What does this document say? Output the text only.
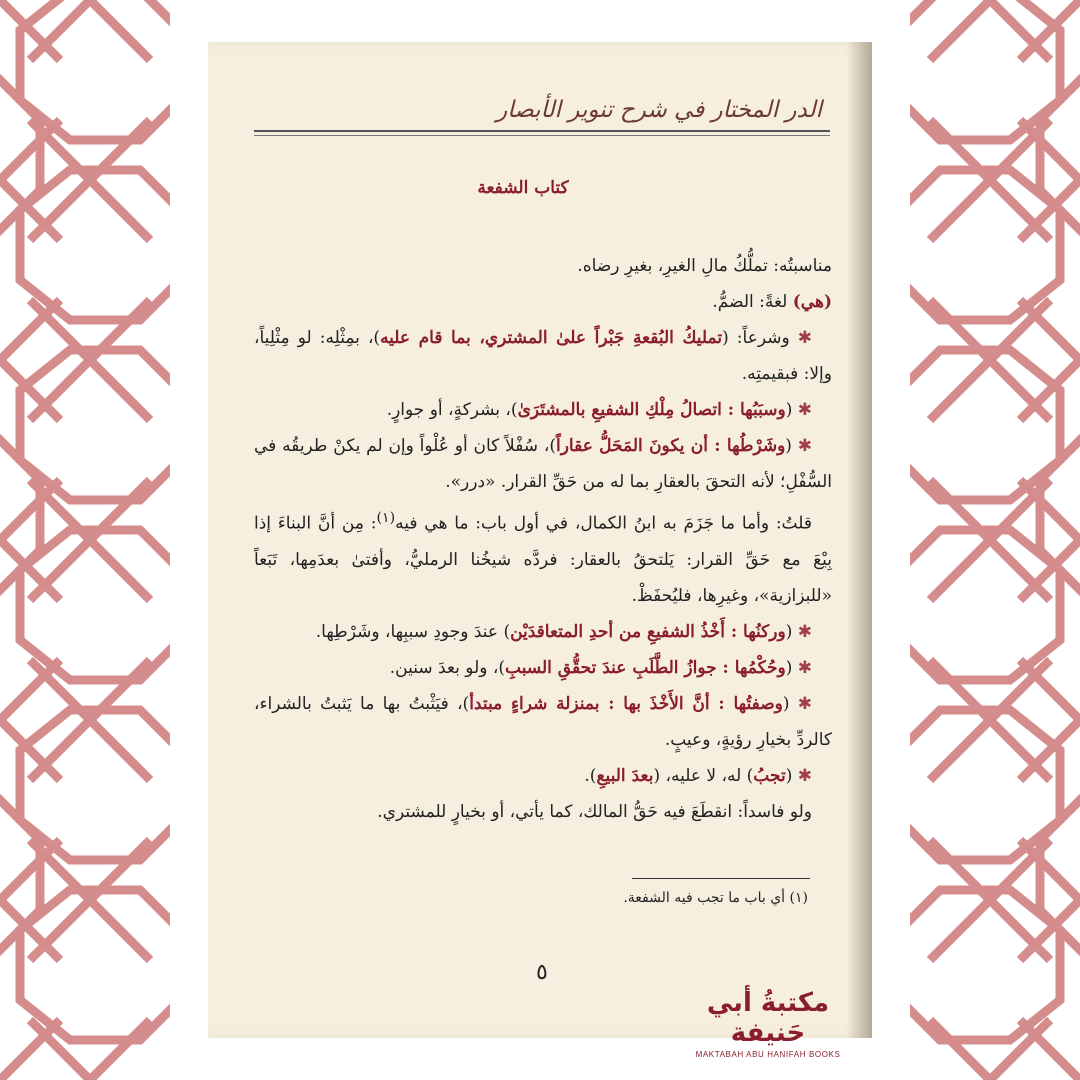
الدر المختار في شرح تنوير الأبصار

كتاب الشفعة

مناسبتُه: تملُّكُ مالِ الغيرِ، بغيرِ رضاه.

(هي) لغةً: الضمُّ.

✱ وشرعاً: (تمليكُ البُقعةِ جَبْراً علىٰ المشتري، بما قام عليه)، بمِثْلِه: لو مِثْلِياً، وإلا: فبقيمتِه.

✱ (وسبَبُها : اتصالُ مِلْكِ الشفيعِ بالمشتَرَىٰ)، بشركةٍ، أو جوارٍ.

✱ (وشَرْطُها : أن يكونَ المَحَلُّ عقاراً)، سُفْلاً كان أو عُلْواً وإن لم يكنْ طريقُه في السُّفْلِ؛ لأنه التحقَ بالعقارِ بما له من حَقِّ القرار. «درر».

قلتُ: وأما ما جَزَمَ به ابنُ الكمال، في أول باب: ما هي فيه$^{(١)}$: مِن أنَّ البناءَ إذا بِيْعَ مع حَقِّ القرار: يَلتحقُ بالعقار: فردَّه شيخُنا الرمليُّ، وأفتىٰ بعدَمِها، تَبَعاً «للبزازية»، وغيرِها، فليُحفَظْ.

✱ (وركنُها : أَخْذُ الشفيعِ من أحدِ المتعاقدَيْن) عندَ وجودِ سببِها، وشَرْطِها.

✱ (وحُكْمُها : جوازُ الطَّلَبِ عندَ تحقُّقِ السببِ)، ولو بعدَ سنين.

✱ (وصفتُها : أنَّ الأَخْذَ بها : بمنزلة شراءٍ مبتدأ)، فيَثْبتُ بها ما يَثبتُ بالشراء، كالردِّ بخيارِ رؤيةٍ، وعيبٍ.

✱ (تجبُ) له، لا عليه، (بعدَ البيعِ).

ولو فاسداً: انقطَعَ فيه حَقُّ المالك، كما يأتي، أو بخيارٍ للمشتري.

(١) أي باب ما تجب فيه الشفعة.
٥
مكتبةُ أبي حَنيفة
MAKTABAH ABU HANIFAH BOOKS
